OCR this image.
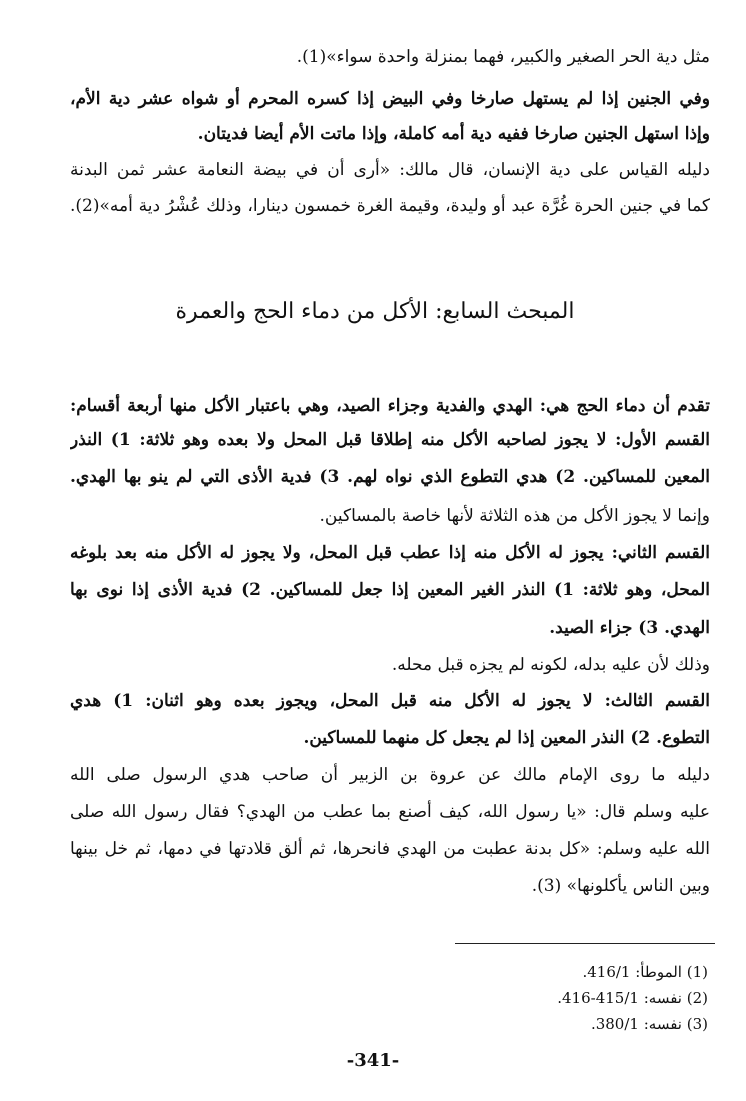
مثل دية الحر الصغير والكبير، فهما بمنزلة واحدة سواء»(1).
وفي الجنين إذا لم يستهل صارخا وفي البيض إذا كسره المحرم أو شواه عشر دية الأم،
وإذا استهل الجنين صارخا ففيه دية أمه كاملة، وإذا ماتت الأم أيضا فديتان.
دليله القياس على دية الإنسان، قال مالك: «أرى أن في بيضة النعامة عشر ثمن البدنة
كما في جنين الحرة غُرَّة عبد أو وليدة، وقيمة الغرة خمسون دينارا، وذلك عُشْرُ دية أمه»(2).
المبحث السابع: الأكل من دماء الحج والعمرة
تقدم أن دماء الحج هي: الهدي والفدية وجزاء الصيد، وهي باعتبار الأكل منها أربعة أقسام:
القسم الأول: لا يجوز لصاحبه الأكل منه إطلاقا قبل المحل ولا بعده وهو ثلاثة: 1) النذر
المعين للمساكين. 2) هدي التطوع الذي نواه لهم. 3) فدية الأذى التي لم ينو بها الهدي.
وإنما لا يجوز الأكل من هذه الثلاثة لأنها خاصة بالمساكين.
القسم الثاني: يجوز له الأكل منه إذا عطب قبل المحل، ولا يجوز له الأكل منه بعد بلوغه
المحل، وهو ثلاثة: 1) النذر الغير المعين إذا جعل للمساكين. 2) فدية الأذى إذا نوى بها
الهدي. 3) جزاء الصيد.
وذلك لأن عليه بدله، لكونه لم يجزه قبل محله.
القسم الثالث: لا يجوز له الأكل منه قبل المحل، ويجوز بعده وهو اثنان: 1) هدي
التطوع. 2) النذر المعين إذا لم يجعل كل منهما للمساكين.
دليله ما روى الإمام مالك عن عروة بن الزبير أن صاحب هدي الرسول صلى الله
عليه وسلم قال: «يا رسول الله، كيف أصنع بما عطب من الهدي؟ فقال رسول الله صلى
الله عليه وسلم: «كل بدنة عطبت من الهدي فانحرها، ثم ألق قلادتها في دمها، ثم خل بينها
وبين الناس يأكلونها» (3).
(1) الموطأ: 416/1.
(2) نفسه: 415/1-416.
(3) نفسه: 380/1.
-341-
